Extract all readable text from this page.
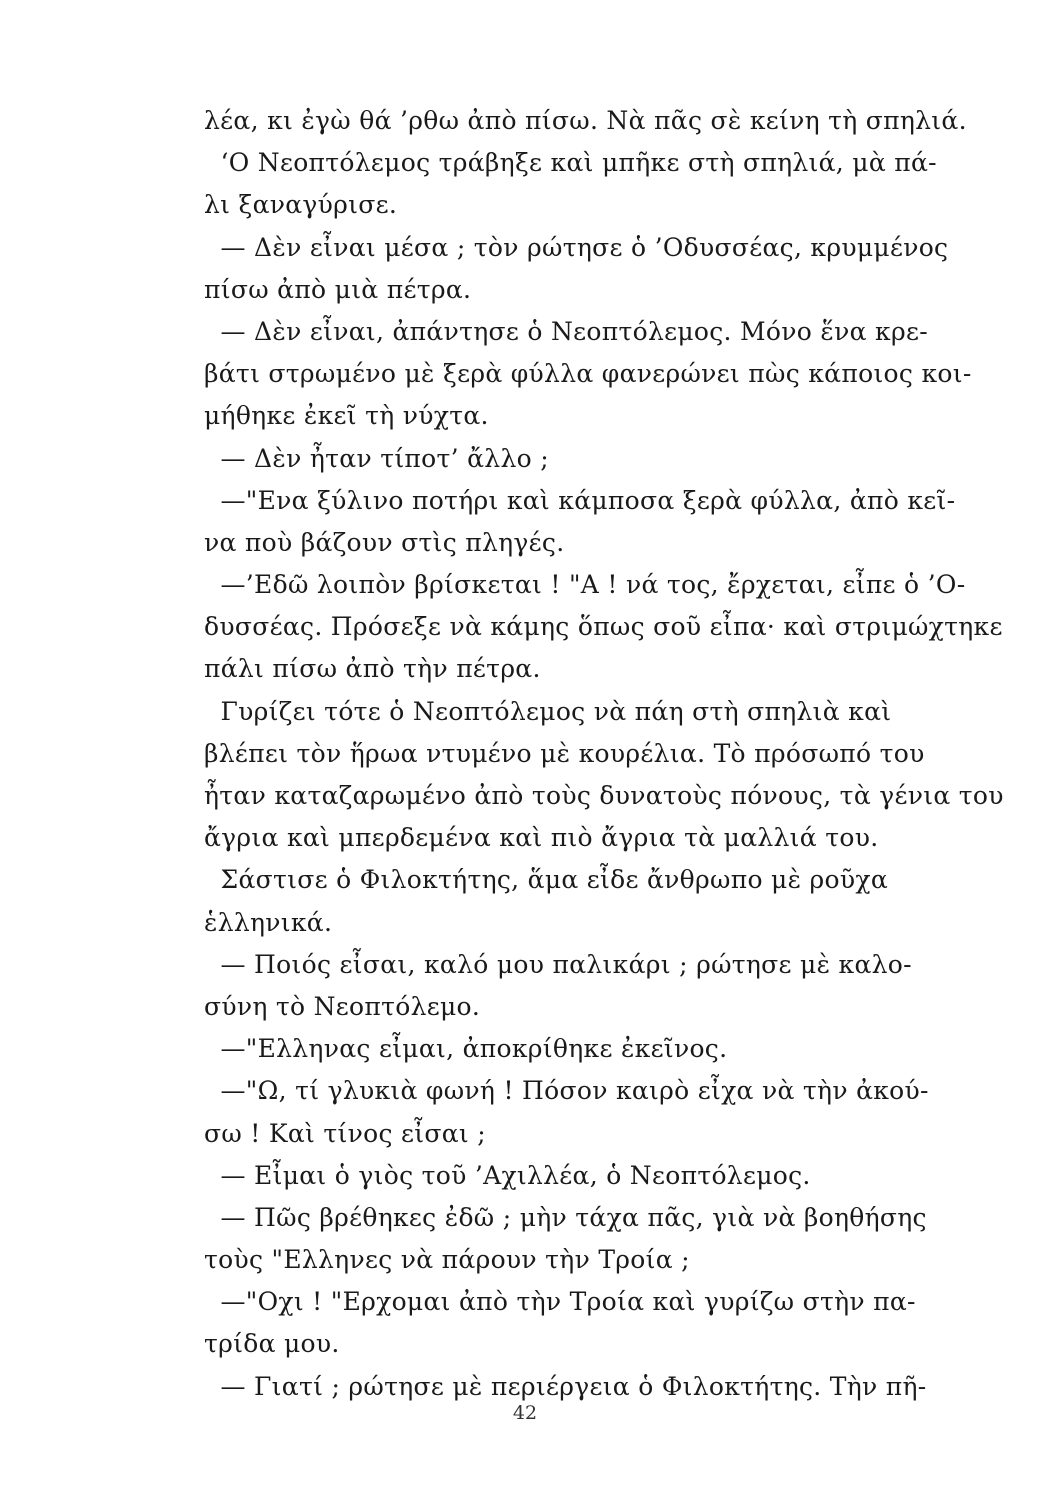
λέα, κι ἐγὼ θά ’ρθω ἀπὸ πίσω. Νὰ πᾶς σὲ κείνη τὴ σπηλιά.
‘Ο Νεοπτόλεμος τράβηξε καὶ μπῆκε στὴ σπηλιά, μὰ πά-
λι ξαναγύρισε.
— Δὲν εἶναι μέσα ; τὸν ρώτησε ὁ ’Οδυσσέας, κρυμμένος
πίσω ἀπὸ μιὰ πέτρα.
— Δὲν εἶναι, ἀπάντησε ὁ Νεοπτόλεμος. Μόνο ἕνα κρε-
βάτι στρωμένο μὲ ξερὰ φύλλα φανερώνει πὼς κάποιος κοι-
μήθηκε ἐκεῖ τὴ νύχτα.
— Δὲν ἦταν τίποτ’ ἄλλο ;
—"Ενα ξύλινο ποτήρι καὶ κάμποσα ξερὰ φύλλα, ἀπὸ κεῖ-
να ποὺ βάζουν στὶς πληγές.
—’Εδῶ λοιπὸν βρίσκεται ! "Α ! νά τος, ἔρχεται, εἶπε ὁ ’Ο-
δυσσέας. Πρόσεξε νὰ κάμης ὅπως σοῦ εἶπα· καὶ στριμώχτηκε
πάλι πίσω ἀπὸ τὴν πέτρα.
Γυρίζει τότε ὁ Νεοπτόλεμος νὰ πάη στὴ σπηλιὰ καὶ
βλέπει τὸν ἥρωα ντυμένο μὲ κουρέλια. Τὸ πρόσωπό του
ἦταν καταζαρωμένο ἀπὸ τοὺς δυνατοὺς πόνους, τὰ γένια του
ἄγρια καὶ μπερδεμένα καὶ πιὸ ἄγρια τὰ μαλλιά του.
Σάστισε ὁ Φιλοκτήτης, ἅμα εἶδε ἄνθρωπο μὲ ροῦχα
ἑλληνικά.
— Ποιός εἶσαι, καλό μου παλικάρι ; ρώτησε μὲ καλο-
σύνη τὸ Νεοπτόλεμο.
—"Ελληνας εἶμαι, ἀποκρίθηκε ἐκεῖνος.
—"Ω, τί γλυκιὰ φωνή ! Πόσον καιρὸ εἶχα νὰ τὴν ἀκού-
σω ! Καὶ τίνος εἶσαι ;
— Εἶμαι ὁ γιὸς τοῦ ’Αχιλλέα, ὁ Νεοπτόλεμος.
— Πῶς βρέθηκες ἐδῶ ; μὴν τάχα πᾶς, γιὰ νὰ βοηθήσης
τοὺς "Ελληνες νὰ πάρουν τὴν Τροία ;
—"Οχι ! "Ερχομαι ἀπὸ τὴν Τροία καὶ γυρίζω στὴν πα-
τρίδα μου.
— Γιατί ; ρώτησε μὲ περιέργεια ὁ Φιλοκτήτης. Τὴν πῆ-
42
